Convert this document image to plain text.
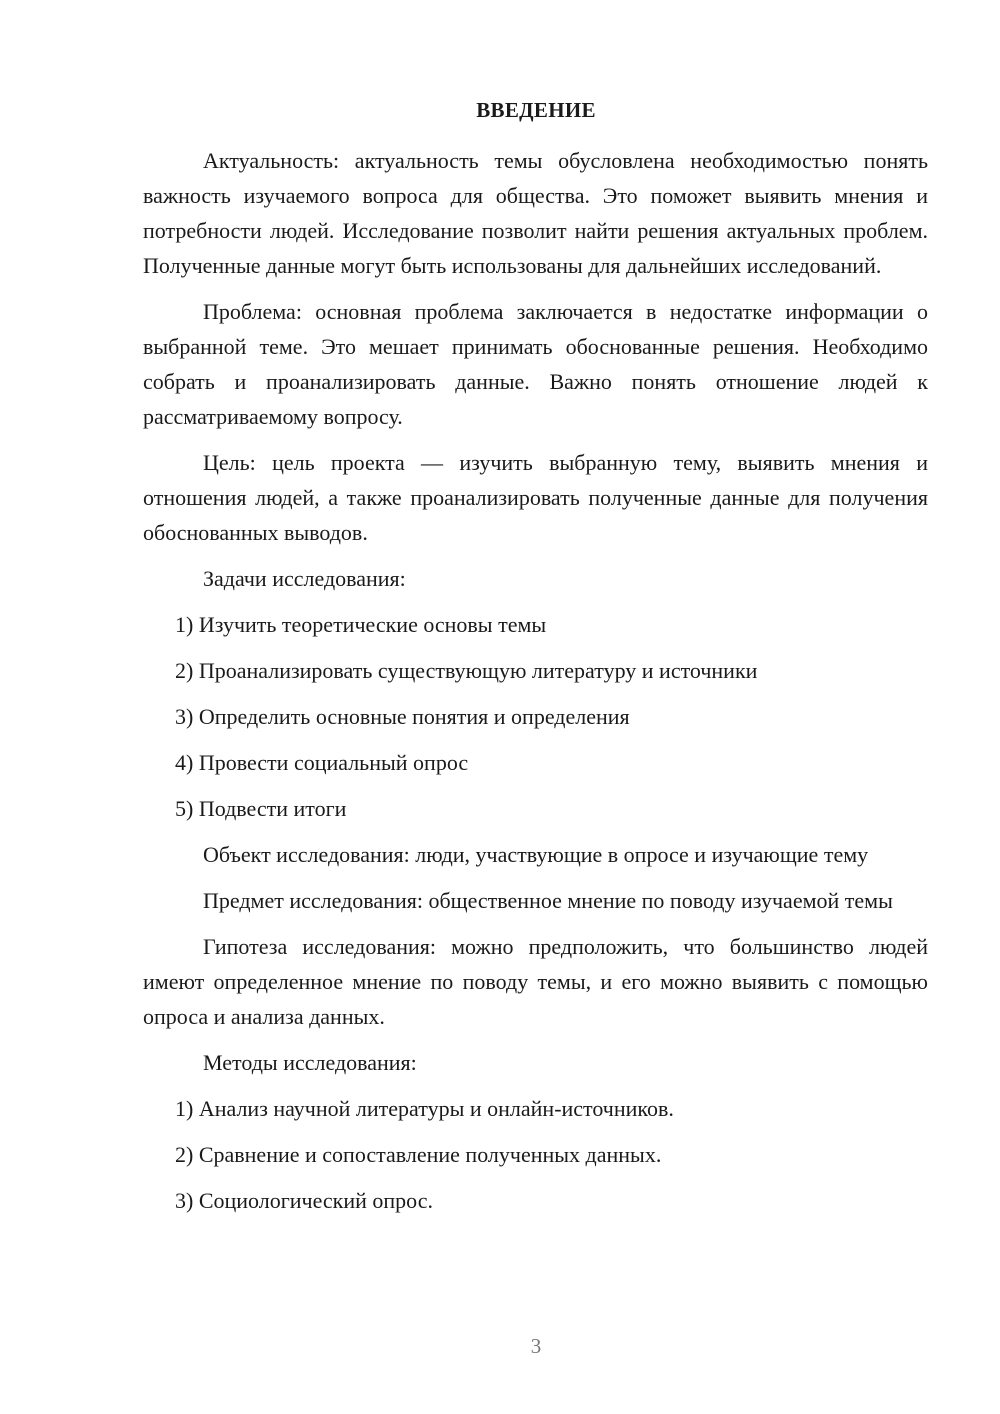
ВВЕДЕНИЕ

Актуальность: актуальность темы обусловлена необходимостью понять важность изучаемого вопроса для общества. Это поможет выявить мнения и потребности людей. Исследование позволит найти решения актуальных проблем. Полученные данные могут быть использованы для дальнейших исследований.

Проблема: основная проблема заключается в недостатке информации о выбранной теме. Это мешает принимать обоснованные решения. Необходимо собрать и проанализировать данные. Важно понять отношение людей к рассматриваемому вопросу.

Цель: цель проекта — изучить выбранную тему, выявить мнения и отношения людей, а также проанализировать полученные данные для получения обоснованных выводов.

Задачи исследования:

1) Изучить теоретические основы темы
2) Проанализировать существующую литературу и источники
3) Определить основные понятия и определения
4) Провести социальный опрос
5) Подвести итоги

Объект исследования: люди, участвующие в опросе и изучающие тему

Предмет исследования: общественное мнение по поводу изучаемой темы

Гипотеза исследования: можно предположить, что большинство людей имеют определенное мнение по поводу темы, и его можно выявить с помощью опроса и анализа данных.

Методы исследования:

1) Анализ научной литературы и онлайн-источников.
2) Сравнение и сопоставление полученных данных.
3) Социологический опрос.
3
